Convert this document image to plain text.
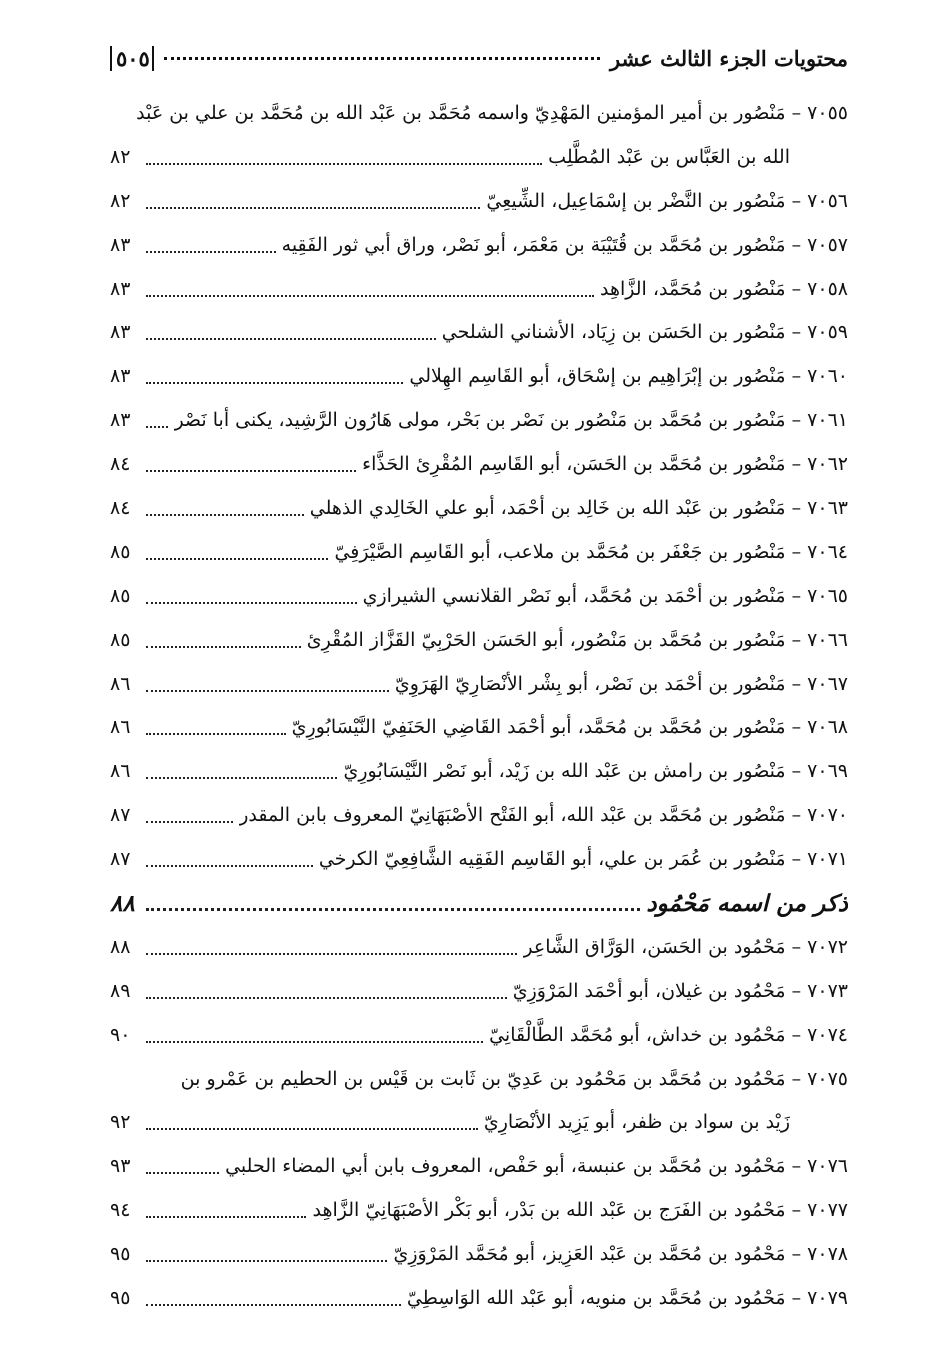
محتويات الجزء الثالث عشر
٥٠٥
٧٠٥٥ – مَنْصُور بن أمير المؤمنين المَهْدِيّ واسمه مُحَمَّد بن عَبْد الله بن مُحَمَّد بن علي بن عَبْد
الله بن العَبَّاس بن عَبْد المُطَّلِب
٨٢
٧٠٥٦ – مَنْصُور بن النَّضْر بن إسْمَاعِيل، الشِّيعِيّ
٨٢
٧٠٥٧ – مَنْصُور بن مُحَمَّد بن قُتَيْبَة بن مَعْمَر، أبو نَصْر، وراق أبي ثور الفَقِيه
٨٣
٧٠٥٨ – مَنْصُور بن مُحَمَّد، الزَّاهِد
٨٣
٧٠٥٩ – مَنْصُور بن الحَسَن بن زِيَاد، الأشناني الشلحي
٨٣
٧٠٦٠ – مَنْصُور بن إبْرَاهِيم بن إسْحَاق، أبو القَاسِم الهِلالي
٨٣
٧٠٦١ – مَنْصُور بن مُحَمَّد بن مَنْصُور بن نَصْر بن بَحْر، مولى هَارُون الرَّشِيد، يكنى أبا نَصْر
٨٣
٧٠٦٢ – مَنْصُور بن مُحَمَّد بن الحَسَن، أبو القَاسِم المُقْرِئ الحَذَّاء
٨٤
٧٠٦٣ – مَنْصُور بن عَبْد الله بن خَالِد بن أحْمَد، أبو علي الخَالِدي الذهلي
٨٤
٧٠٦٤ – مَنْصُور بن جَعْفَر بن مُحَمَّد بن ملاعب، أبو القَاسِم الصَّيْرَفِيّ
٨٥
٧٠٦٥ – مَنْصُور بن أحْمَد بن مُحَمَّد، أبو نَصْر القلانسي الشيرازي
٨٥
٧٠٦٦ – مَنْصُور بن مُحَمَّد بن مَنْصُور، أبو الحَسَن الحَرْبِيّ القَزَّاز المُقْرِئ
٨٥
٧٠٦٧ – مَنْصُور بن أحْمَد بن نَصْر، أبو بِشْر الأنْصَارِيّ الهَرَوِيّ
٨٦
٧٠٦٨ – مَنْصُور بن مُحَمَّد بن مُحَمَّد، أبو أحْمَد القَاضِي الحَنَفِيّ النَّيْسَابُورِيّ
٨٦
٧٠٦٩ – مَنْصُور بن رامش بن عَبْد الله بن زَيْد، أبو نَصْر النَّيْسَابُورِيّ
٨٦
٧٠٧٠ – مَنْصُور بن مُحَمَّد بن عَبْد الله، أبو الفَتْح الأصْبَهَانِيّ المعروف بابن المقدر
٨٧
٧٠٧١ – مَنْصُور بن عُمَر بن علي، أبو القَاسِم الفَقِيه الشَّافِعِيّ الكرخي
٨٧
ذكر من اسمه مَحْمُود
٨٨
٧٠٧٢ – مَحْمُود بن الحَسَن، الوَرَّاق الشَّاعِر
٨٨
٧٠٧٣ – مَحْمُود بن غيلان، أبو أحْمَد المَرْوَزِيّ
٨٩
٧٠٧٤ – مَحْمُود بن خداش، أبو مُحَمَّد الطَّالْقَانِيّ
٩٠
٧٠٧٥ – مَحْمُود بن مُحَمَّد بن مَحْمُود بن عَدِيّ بن ثَابت بن قَيْس بن الحطيم بن عَمْرو بن
زَيْد بن سواد بن ظفر، أبو يَزِيد الأنْصَارِيّ
٩٢
٧٠٧٦ – مَحْمُود بن مُحَمَّد بن عنبسة، أبو حَفْص، المعروف بابن أبي المضاء الحلبي
٩٣
٧٠٧٧ – مَحْمُود بن الفَرَج بن عَبْد الله بن بَدْر، أبو بَكْر الأصْبَهَانِيّ الزَّاهِد
٩٤
٧٠٧٨ – مَحْمُود بن مُحَمَّد بن عَبْد العَزِيز، أبو مُحَمَّد المَرْوَزِيّ
٩٥
٧٠٧٩ – مَحْمُود بن مُحَمَّد بن منويه، أبو عَبْد الله الوَاسِطِيّ
٩٥
